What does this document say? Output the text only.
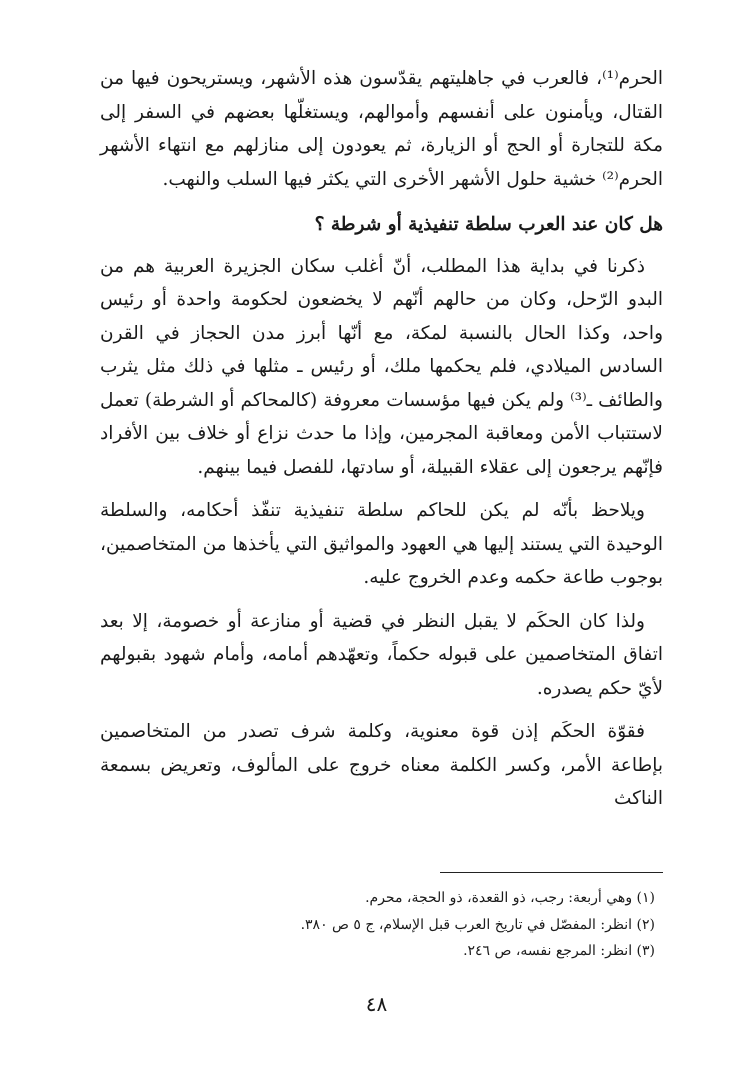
الحرم⁽¹⁾، فالعرب في جاهليتهم يقدّسون هذه الأشهر، ويستريحون فيها من القتال، ويأمنون على أنفسهم وأموالهم، ويستغلّها بعضهم في السفر إلى مكة للتجارة أو الحج أو الزيارة، ثم يعودون إلى منازلهم مع انتهاء الأشهر الحرم⁽²⁾ خشية حلول الأشهر الأخرى التي يكثر فيها السلب والنهب.

هل كان عند العرب سلطة تنفيذية أو شرطة ؟

ذكرنا في بداية هذا المطلب، أنّ أغلب سكان الجزيرة العربية هم من البدو الرّحل، وكان من حالهم أنّهم لا يخضعون لحكومة واحدة أو رئيس واحد، وكذا الحال بالنسبة لمكة، مع أنّها أبرز مدن الحجاز في القرن السادس الميلادي، فلم يحكمها ملك، أو رئيس ـ مثلها في ذلك مثل يثرب والطائف ـ⁽³⁾ ولم يكن فيها مؤسسات معروفة (كالمحاكم أو الشرطة) تعمل لاستتباب الأمن ومعاقبة المجرمين، وإذا ما حدث نزاع أو خلاف بين الأفراد فإنّهم يرجعون إلى عقلاء القبيلة، أو سادتها، للفصل فيما بينهم.

ويلاحظ بأنّه لم يكن للحاكم سلطة تنفيذية تنفّذ أحكامه، والسلطة الوحيدة التي يستند إليها هي العهود والمواثيق التي يأخذها من المتخاصمين، بوجوب طاعة حكمه وعدم الخروج عليه.

ولذا كان الحكَم لا يقبل النظر في قضية أو منازعة أو خصومة، إلا بعد اتفاق المتخاصمين على قبوله حكماً، وتعهّدهم أمامه، وأمام شهود بقبولهم لأيّ حكم يصدره.

فقوّة الحكَم إذن قوة معنوية، وكلمة شرف تصدر من المتخاصمين بإطاعة الأمر، وكسر الكلمة معناه خروج على المألوف، وتعريض بسمعة الناكث

(١) وهي أربعة: رجب، ذو القعدة، ذو الحجة، محرم.

(٢) انظر: المفصّل في تاريخ العرب قبل الإسلام، ج ٥ ص ٣٨٠.

(٣) انظر: المرجع نفسه، ص ٢٤٦.

٤٨
